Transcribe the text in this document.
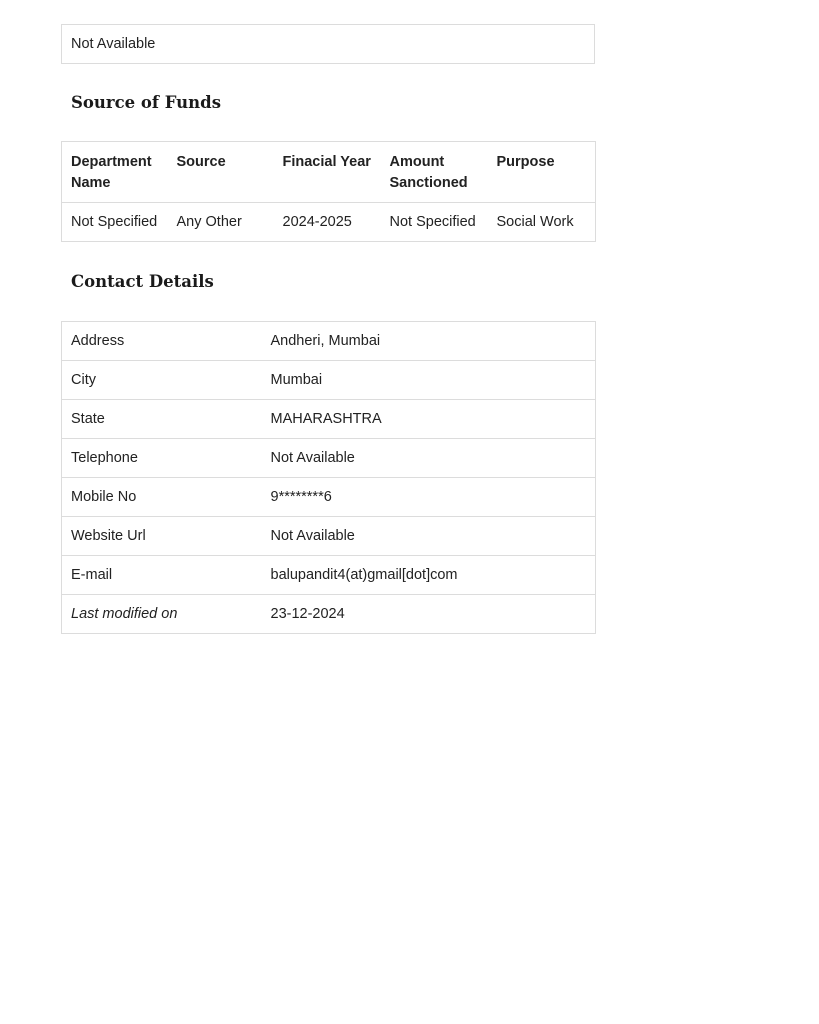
Not Available
Source of Funds
Department Name	Source	Finacial Year	Amount Sanctioned	Purpose
Not Specified	Any Other	2024-2025	Not Specified	Social Work
Contact Details
Address	Andheri, Mumbai
City	Mumbai
State	MAHARASHTRA
Telephone	Not Available
Mobile No	9********6
Website Url	Not Available
E-mail	balupandit4(at)gmail[dot]com
Last modified on	23-12-2024
